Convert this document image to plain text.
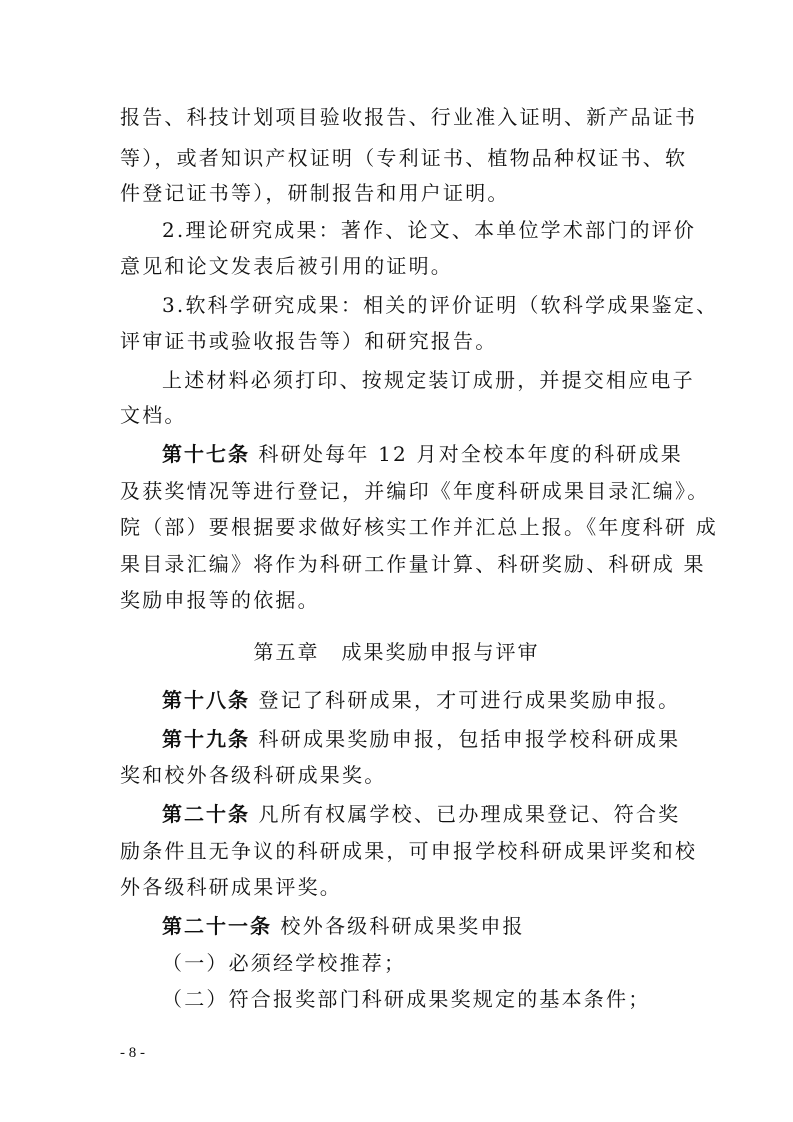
报告、科技计划项目验收报告、行业准入证明、新产品证书
等），或者知识产权证明（专利证书、植物品种权证书、软
件登记证书等），研制报告和用户证明。
2.理论研究成果：著作、论文、本单位学术部门的评价
意见和论文发表后被引用的证明。
3.软科学研究成果：相关的评价证明（软科学成果鉴定、
评审证书或验收报告等）和研究报告。
上述材料必须打印、按规定装订成册，并提交相应电子
文档。
第十七条 科研处每年 12 月对全校本年度的科研成果
及获奖情况等进行登记，并编印《年度科研成果目录汇编》。
院（部）要根据要求做好核实工作并汇总上报。《年度科研 成
果目录汇编》将作为科研工作量计算、科研奖励、科研成 果
奖励申报等的依据。
第五章　成果奖励申报与评审
第十八条 登记了科研成果，才可进行成果奖励申报。
第十九条 科研成果奖励申报，包括申报学校科研成果
奖和校外各级科研成果奖。
第二十条 凡所有权属学校、已办理成果登记、符合奖
励条件且无争议的科研成果，可申报学校科研成果评奖和校
外各级科研成果评奖。
第二十一条 校外各级科研成果奖申报
（一）必须经学校推荐；
（二）符合报奖部门科研成果奖规定的基本条件；
- 8 -
